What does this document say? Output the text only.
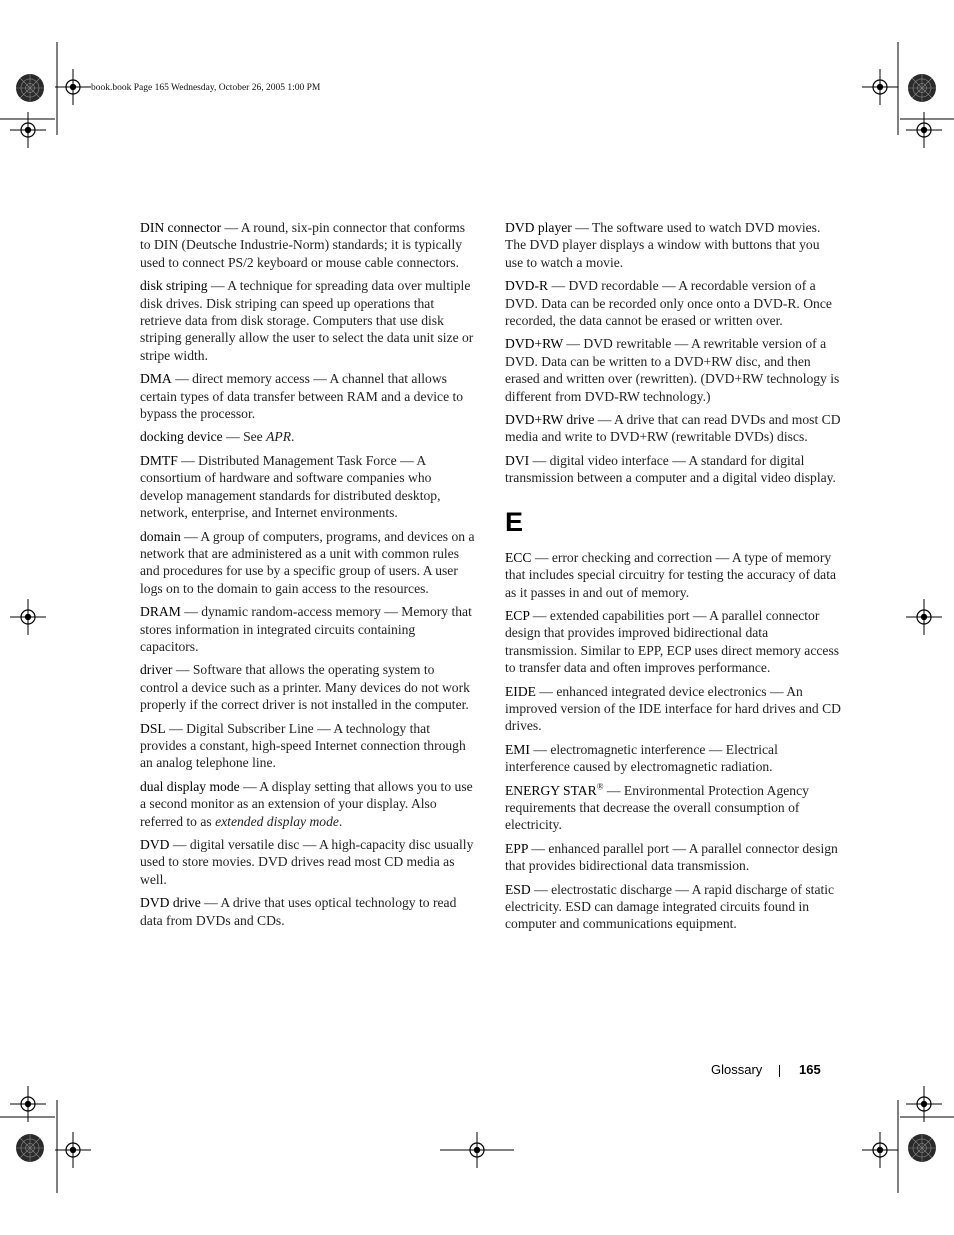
book.book Page 165 Wednesday, October 26, 2005 1:00 PM

DIN connector — A round, six-pin connector that conforms to DIN (Deutsche Industrie-Norm) standards; it is typically used to connect PS/2 keyboard or mouse cable connectors.

disk striping — A technique for spreading data over multiple disk drives. Disk striping can speed up operations that retrieve data from disk storage. Computers that use disk striping generally allow the user to select the data unit size or stripe width.

DMA — direct memory access — A channel that allows certain types of data transfer between RAM and a device to bypass the processor.

docking device — See APR.

DMTF — Distributed Management Task Force — A consortium of hardware and software companies who develop management standards for distributed desktop, network, enterprise, and Internet environments.

domain — A group of computers, programs, and devices on a network that are administered as a unit with common rules and procedures for use by a specific group of users. A user logs on to the domain to gain access to the resources.

DRAM — dynamic random-access memory — Memory that stores information in integrated circuits containing capacitors.

driver — Software that allows the operating system to control a device such as a printer. Many devices do not work properly if the correct driver is not installed in the computer.

DSL — Digital Subscriber Line — A technology that provides a constant, high-speed Internet connection through an analog telephone line.

dual display mode — A display setting that allows you to use a second monitor as an extension of your display. Also referred to as extended display mode.

DVD — digital versatile disc — A high-capacity disc usually used to store movies. DVD drives read most CD media as well.

DVD drive — A drive that uses optical technology to read data from DVDs and CDs.

DVD player — The software used to watch DVD movies. The DVD player displays a window with buttons that you use to watch a movie.

DVD-R — DVD recordable — A recordable version of a DVD. Data can be recorded only once onto a DVD-R. Once recorded, the data cannot be erased or written over.

DVD+RW — DVD rewritable — A rewritable version of a DVD. Data can be written to a DVD+RW disc, and then erased and written over (rewritten). (DVD+RW technology is different from DVD-RW technology.)

DVD+RW drive — A drive that can read DVDs and most CD media and write to DVD+RW (rewritable DVDs) discs.

DVI — digital video interface — A standard for digital transmission between a computer and a digital video display.

E

ECC — error checking and correction — A type of memory that includes special circuitry for testing the accuracy of data as it passes in and out of memory.

ECP — extended capabilities port — A parallel connector design that provides improved bidirectional data transmission. Similar to EPP, ECP uses direct memory access to transfer data and often improves performance.

EIDE — enhanced integrated device electronics — An improved version of the IDE interface for hard drives and CD drives.

EMI — electromagnetic interference — Electrical interference caused by electromagnetic radiation.

ENERGY STAR® — Environmental Protection Agency requirements that decrease the overall consumption of electricity.

EPP — enhanced parallel port — A parallel connector design that provides bidirectional data transmission.

ESD — electrostatic discharge — A rapid discharge of static electricity. ESD can damage integrated circuits found in computer and communications equipment.

Glossary	165
